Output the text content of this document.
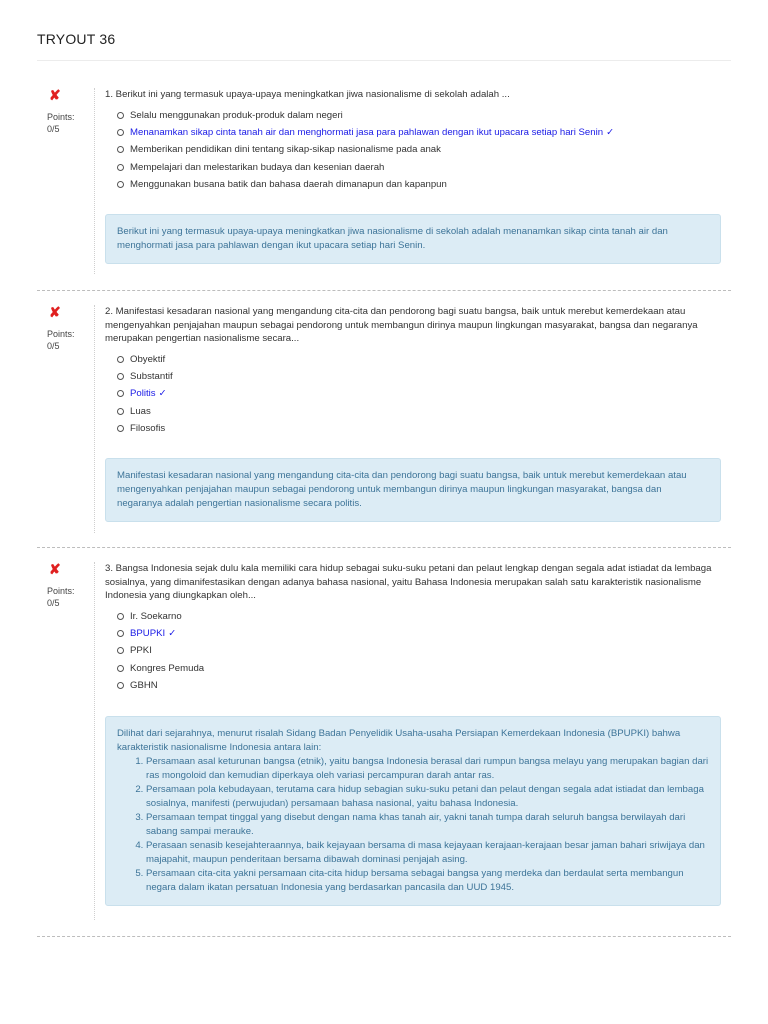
TRYOUT 36
✘
Points:
0/5

1. Berikut ini yang termasuk upaya-upaya meningkatkan jiwa nasionalisme di sekolah adalah ...

Selalu menggunakan produk-produk dalam negeri
Menanamkan sikap cinta tanah air dan menghormati jasa para pahlawan dengan ikut upacara setiap hari Senin ✓
Memberikan pendidikan dini tentang sikap-sikap nasionalisme pada anak
Mempelajari dan melestarikan budaya dan kesenian daerah
Menggunakan busana batik dan bahasa daerah dimanapun dan kapanpun
Berikut ini yang termasuk upaya-upaya meningkatkan jiwa nasionalisme di sekolah adalah menanamkan sikap cinta tanah air dan menghormati jasa para pahlawan dengan ikut upacara setiap hari Senin.
✘
Points:
0/5

2. Manifestasi kesadaran nasional yang mengandung cita-cita dan pendorong bagi suatu bangsa, baik untuk merebut kemerdekaan atau mengenyahkan penjajahan maupun sebagai pendorong untuk membangun dirinya maupun lingkungan masyarakat, bangsa dan negaranya merupakan pengertian nasionalisme secara...

Obyektif
Substantif
Politis ✓
Luas
Filosofis
Manifestasi kesadaran nasional yang mengandung cita-cita dan pendorong bagi suatu bangsa, baik untuk merebut kemerdekaan atau mengenyahkan penjajahan maupun sebagai pendorong untuk membangun dirinya maupun lingkungan masyarakat, bangsa dan negaranya adalah pengertian nasionalisme secara politis.
✘
Points:
0/5

3. Bangsa Indonesia sejak dulu kala memiliki cara hidup sebagai suku-suku petani dan pelaut lengkap dengan segala adat istiadat da lembaga sosialnya, yang dimanifestasikan dengan adanya bahasa nasional, yaitu Bahasa Indonesia merupakan salah satu karakteristik nasionalisme Indonesia yang diungkapkan oleh...

Ir. Soekarno
BPUPKI ✓
PPKI
Kongres Pemuda
GBHN
Dilihat dari sejarahnya, menurut risalah Sidang Badan Penyelidik Usaha-usaha Persiapan Kemerdekaan Indonesia (BPUPKI) bahwa karakteristik nasionalisme Indonesia antara lain:
1. Persamaan asal keturunan bangsa (etnik), yaitu bangsa Indonesia berasal dari rumpun bangsa melayu yang merupakan bagian dari ras mongoloid dan kemudian diperkaya oleh variasi percampuran darah antar ras.
2. Persamaan pola kebudayaan, terutama cara hidup sebagian suku-suku petani dan pelaut dengan segala adat istiadat dan lembaga sosialnya, manifesti (perwujudan) persamaan bahasa nasional, yaitu bahasa Indonesia.
3. Persamaan tempat tinggal yang disebut dengan nama khas tanah air, yakni tanah tumpa darah seluruh bangsa berwilayah dari sabang sampai merauke.
4. Perasaan senasib kesejahteraannya, baik kejayaan bersama di masa kejayaan kerajaan-kerajaan besar jaman bahari sriwijaya dan majapahit, maupun penderitaan bersama dibawah dominasi penjajah asing.
5. Persamaan cita-cita yakni persamaan cita-cita hidup bersama sebagai bangsa yang merdeka dan berdaulat serta membangun negara dalam ikatan persatuan Indonesia yang berdasarkan pancasila dan UUD 1945.
